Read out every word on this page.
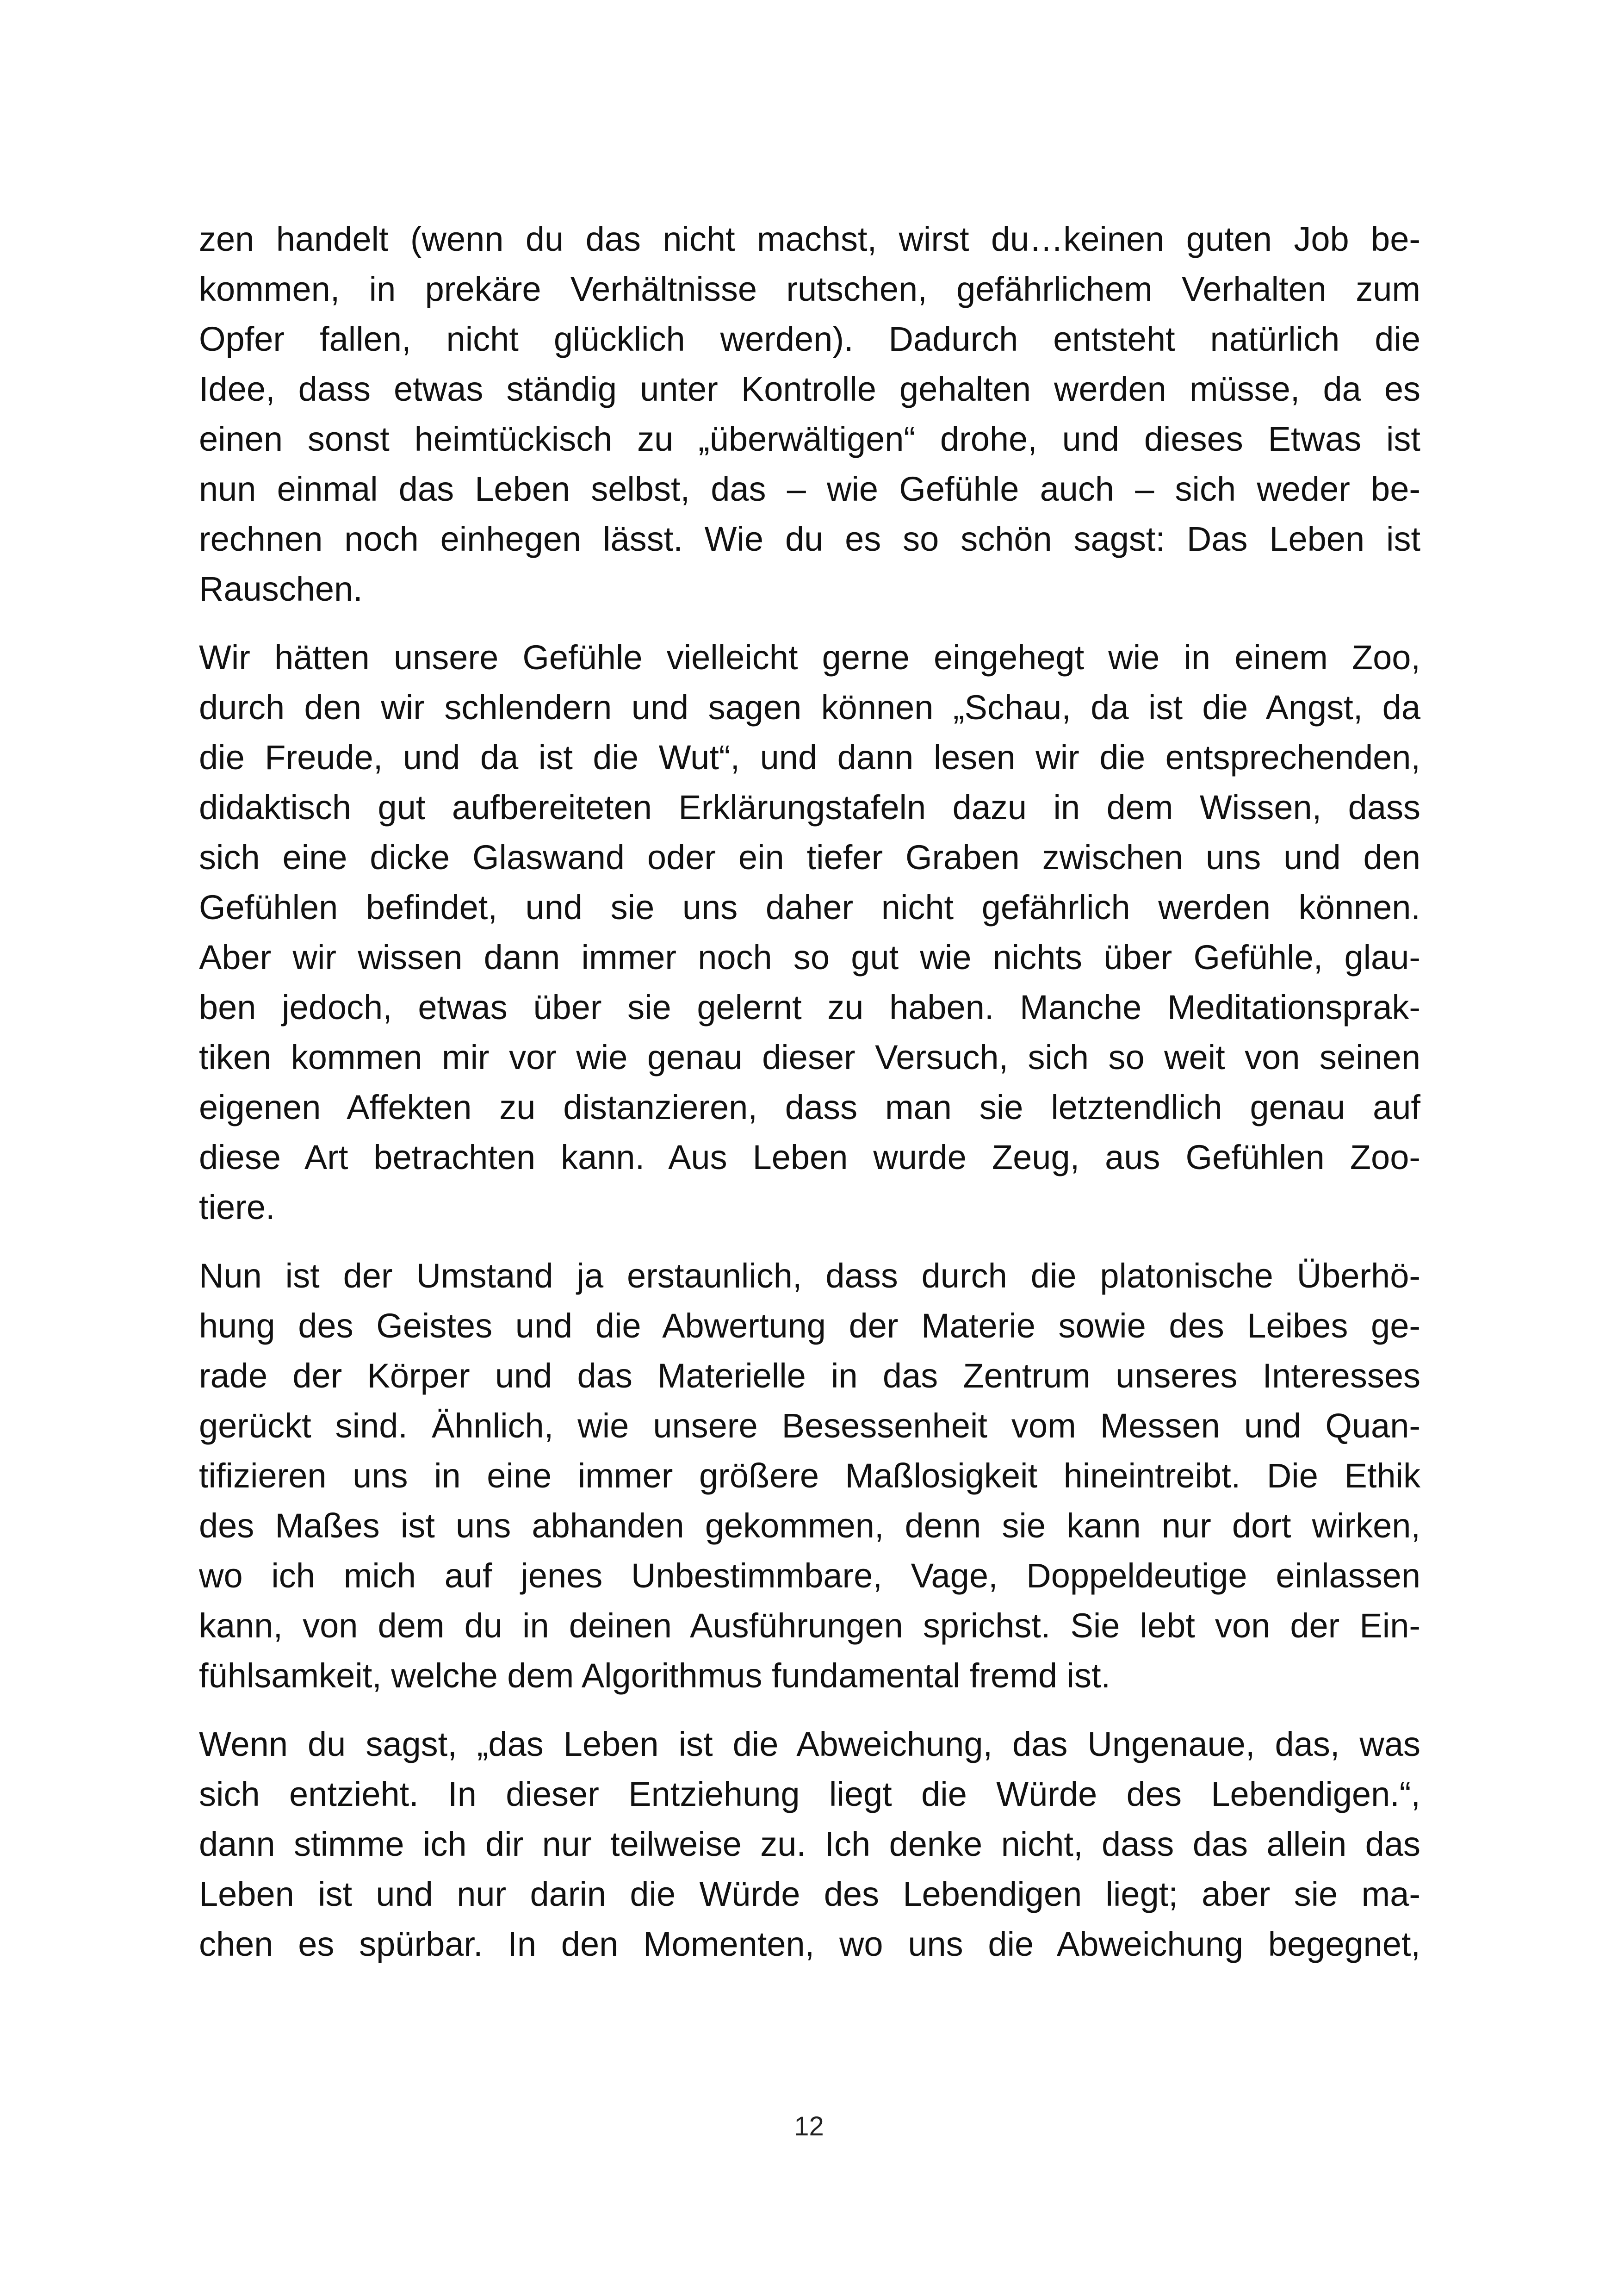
zen handelt (wenn du das nicht machst, wirst du…keinen guten Job be-
kommen, in prekäre Verhältnisse rutschen, gefährlichem Verhalten zum
Opfer fallen, nicht glücklich werden). Dadurch entsteht natürlich die
Idee, dass etwas ständig unter Kontrolle gehalten werden müsse, da es
einen sonst heimtückisch zu „überwältigen“ drohe, und dieses Etwas ist
nun einmal das Leben selbst, das – wie Gefühle auch – sich weder be-
rechnen noch einhegen lässt. Wie du es so schön sagst: Das Leben ist
Rauschen.
Wir hätten unsere Gefühle vielleicht gerne eingehegt wie in einem Zoo,
durch den wir schlendern und sagen können „Schau, da ist die Angst, da
die Freude, und da ist die Wut“, und dann lesen wir die entsprechenden,
didaktisch gut aufbereiteten Erklärungstafeln dazu in dem Wissen, dass
sich eine dicke Glaswand oder ein tiefer Graben zwischen uns und den
Gefühlen befindet, und sie uns daher nicht gefährlich werden können.
Aber wir wissen dann immer noch so gut wie nichts über Gefühle, glau-
ben jedoch, etwas über sie gelernt zu haben. Manche Meditationsprak-
tiken kommen mir vor wie genau dieser Versuch, sich so weit von seinen
eigenen Affekten zu distanzieren, dass man sie letztendlich genau auf
diese Art betrachten kann. Aus Leben wurde Zeug, aus Gefühlen Zoo-
tiere.
Nun ist der Umstand ja erstaunlich, dass durch die platonische Überhö-
hung des Geistes und die Abwertung der Materie sowie des Leibes ge-
rade der Körper und das Materielle in das Zentrum unseres Interesses
gerückt sind. Ähnlich, wie unsere Besessenheit vom Messen und Quan-
tifizieren uns in eine immer größere Maßlosigkeit hineintreibt. Die Ethik
des Maßes ist uns abhanden gekommen, denn sie kann nur dort wirken,
wo ich mich auf jenes Unbestimmbare, Vage, Doppeldeutige einlassen
kann, von dem du in deinen Ausführungen sprichst. Sie lebt von der Ein-
fühlsamkeit, welche dem Algorithmus fundamental fremd ist.
Wenn du sagst, „das Leben ist die Abweichung, das Ungenaue, das, was
sich entzieht. In dieser Entziehung liegt die Würde des Lebendigen.“,
dann stimme ich dir nur teilweise zu. Ich denke nicht, dass das allein das
Leben ist und nur darin die Würde des Lebendigen liegt; aber sie ma-
chen es spürbar. In den Momenten, wo uns die Abweichung begegnet,
12
